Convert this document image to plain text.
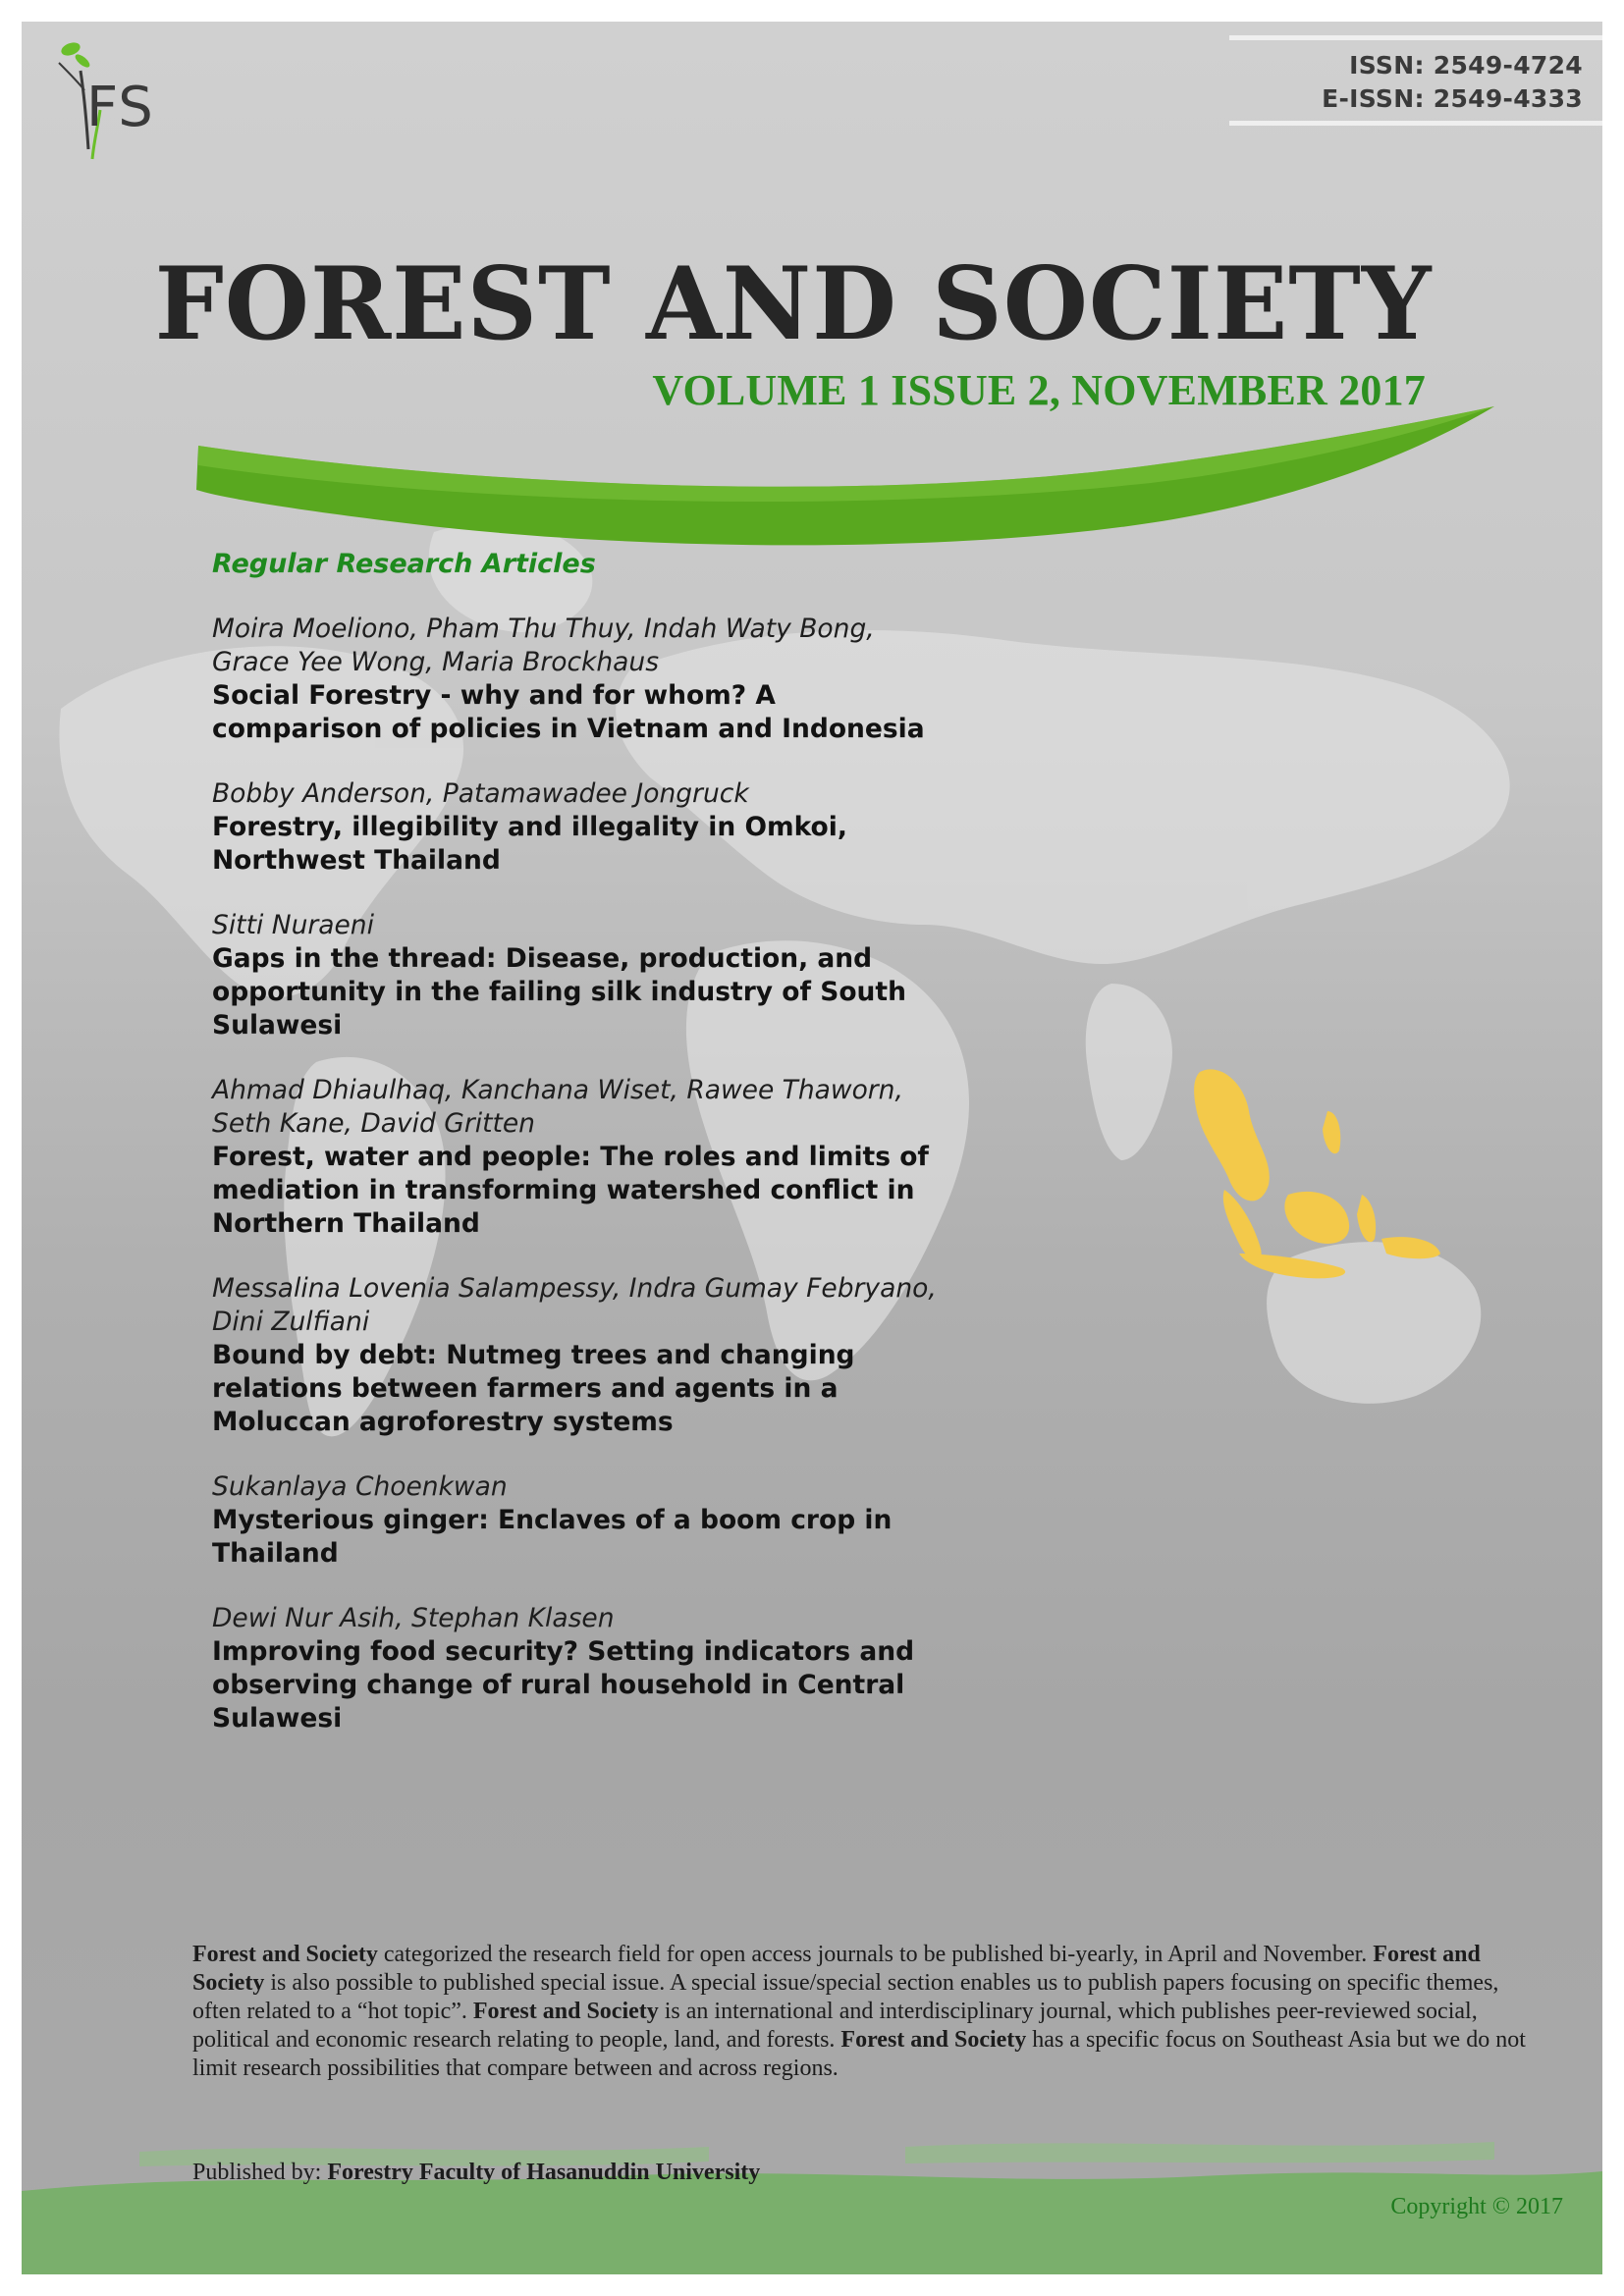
FS
ISSN: 2549-4724
E-ISSN: 2549-4333
FOREST AND SOCIETY
VOLUME 1 ISSUE 2, NOVEMBER 2017
Regular Research Articles
Moira Moeliono, Pham Thu Thuy, Indah Waty Bong,
Grace Yee Wong, Maria Brockhaus
Social Forestry - why and for whom? A
comparison of policies in Vietnam and Indonesia
Bobby Anderson, Patamawadee Jongruck
Forestry, illegibility and illegality in Omkoi,
Northwest Thailand
Sitti Nuraeni
Gaps in the thread: Disease, production, and
opportunity in the failing silk industry of South
Sulawesi
Ahmad Dhiaulhaq, Kanchana Wiset, Rawee Thaworn,
Seth Kane, David Gritten
Forest, water and people: The roles and limits of
mediation in transforming watershed conflict in
Northern Thailand
Messalina Lovenia Salampessy, Indra Gumay Febryano,
Dini Zulfiani
Bound by debt: Nutmeg trees and changing
relations between farmers and agents in a
Moluccan agroforestry systems
Sukanlaya Choenkwan
Mysterious ginger: Enclaves of a boom crop in
Thailand
Dewi Nur Asih, Stephan Klasen
Improving food security? Setting indicators and
observing change of rural household in Central
Sulawesi
Forest and Society categorized the research field for open access journals to be published bi-yearly, in April and November. Forest and Society is also possible to published special issue. A special issue/special section enables us to publish papers focusing on specific themes, often related to a “hot topic”. Forest and Society is an international and interdisciplinary journal, which publishes peer-reviewed social, political and economic research relating to people, land, and forests. Forest and Society has a specific focus on Southeast Asia but we do not limit research possibilities that compare between and across regions.
Published by: Forestry Faculty of Hasanuddin University
Copyright © 2017
